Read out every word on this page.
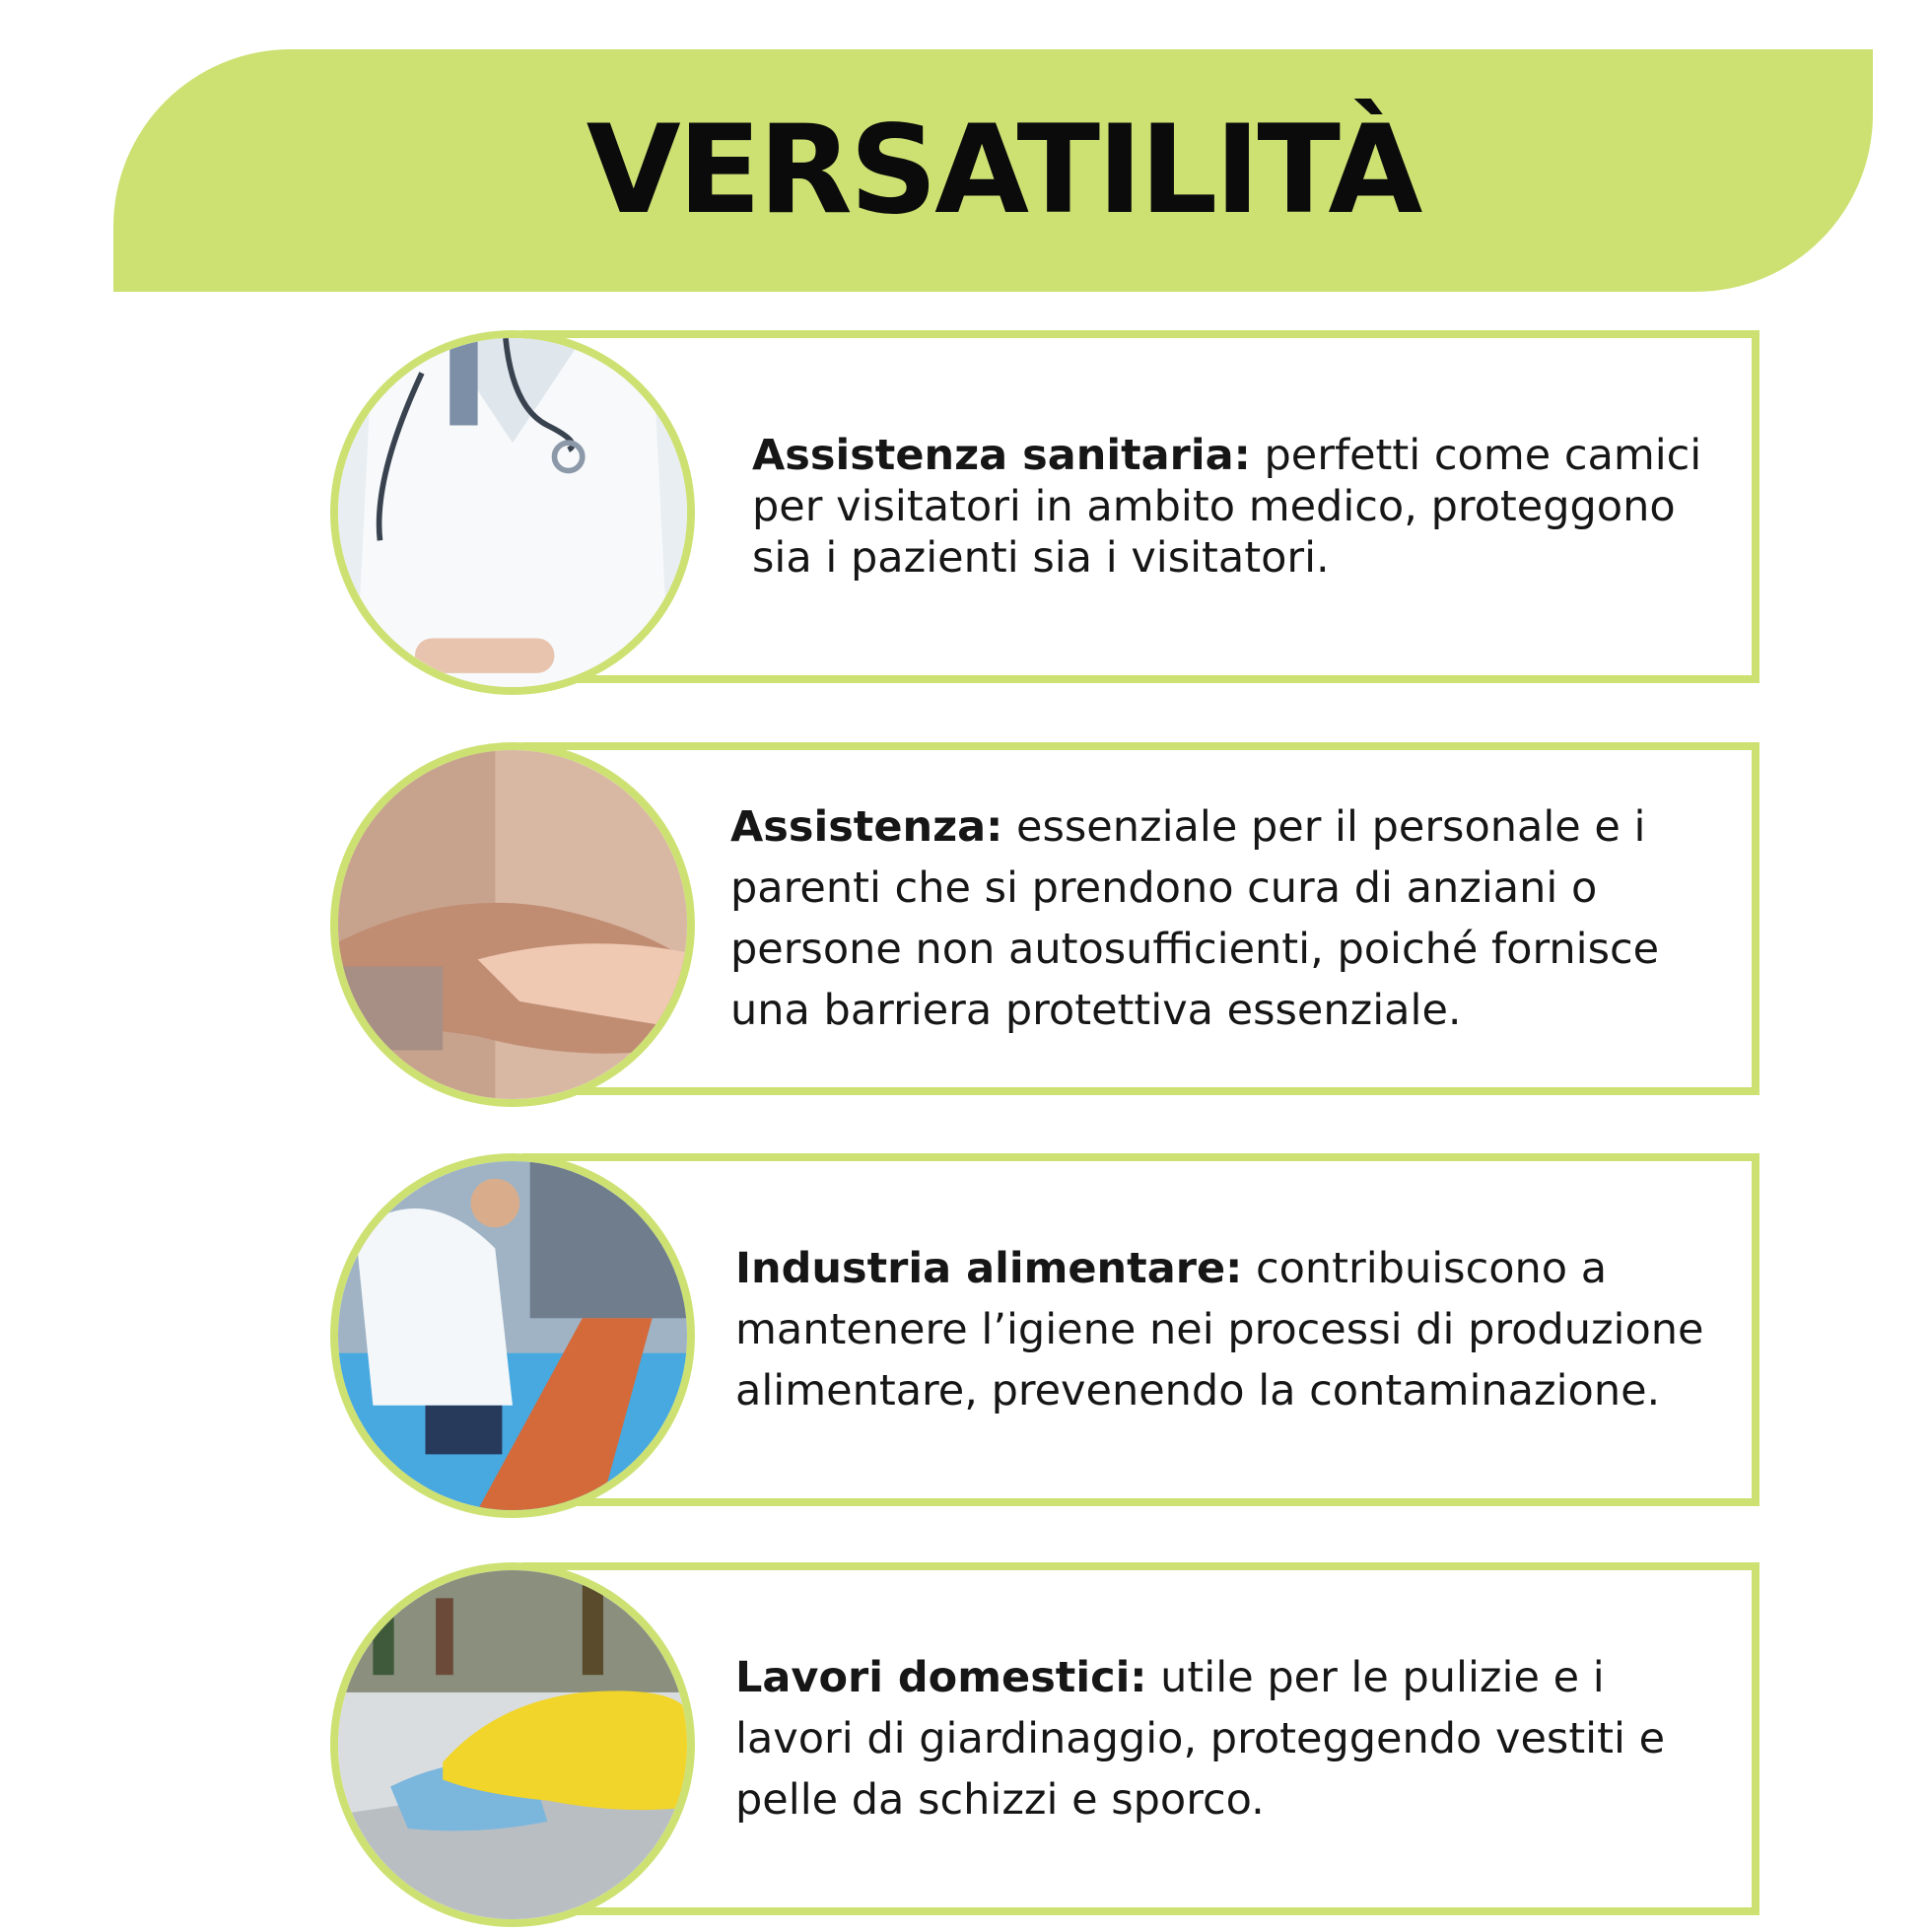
VERSATILITÀ
Assistenza sanitaria: perfetti come camici per visitatori in ambito medico, proteggono sia i pazienti sia i visitatori.
Assistenza: essenziale per il personale e i parenti che si prendono cura di anziani o persone non autosufficienti, poiché fornisce una barriera protettiva essenziale.
Industria alimentare: contribuiscono a mantenere l’igiene nei processi di produzione alimentare, prevenendo la contaminazione.
Lavori domestici: utile per le pulizie e i lavori di giardinaggio, proteggendo vestiti e pelle da schizzi e sporco.
